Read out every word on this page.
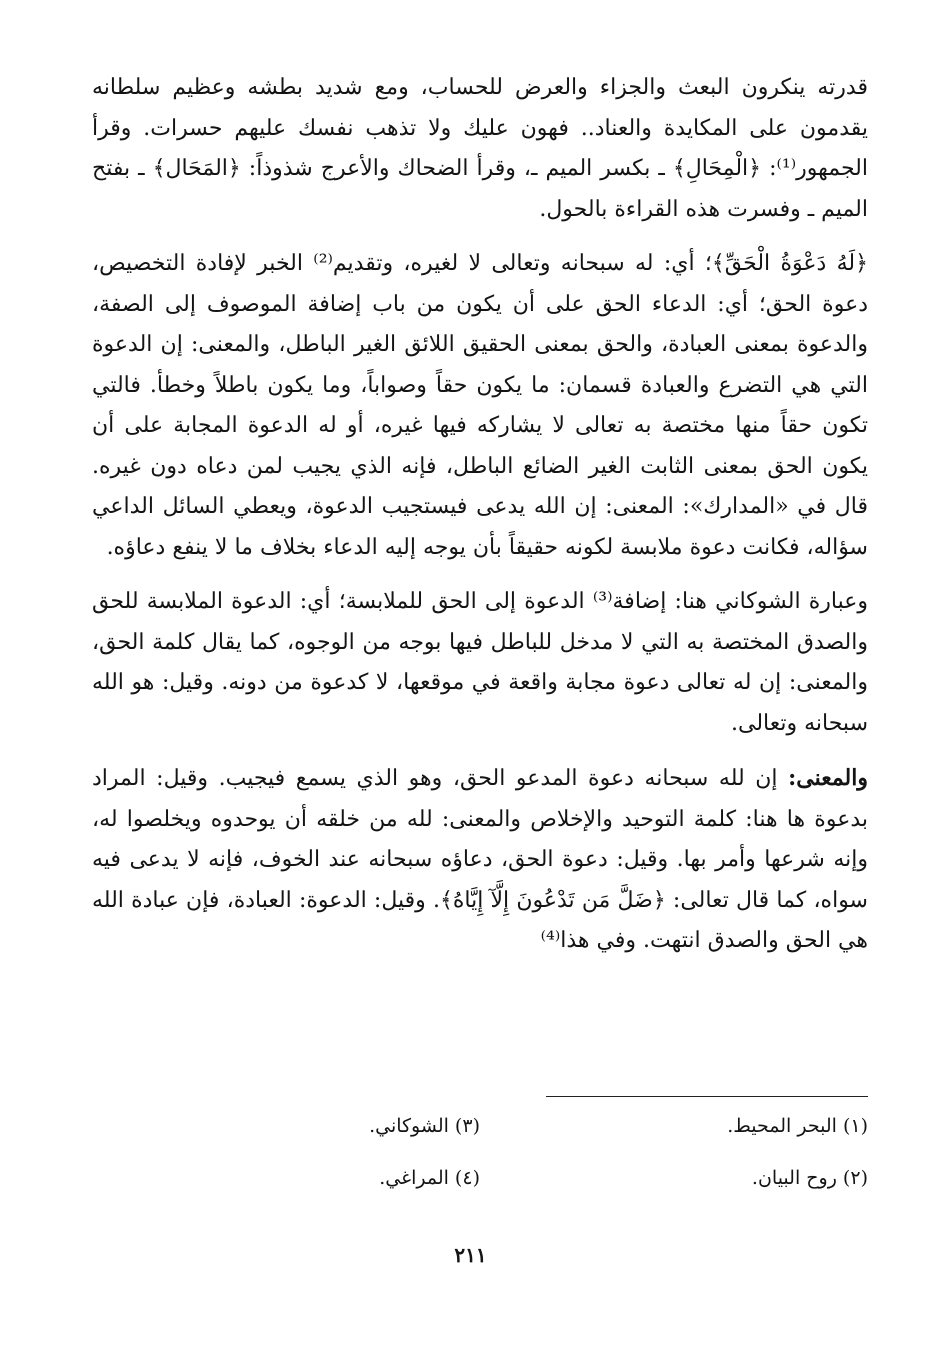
قدرته ينكرون البعث والجزاء والعرض للحساب، ومع شديد بطشه وعظيم سلطانه يقدمون على المكايدة والعناد.. فهون عليك ولا تذهب نفسك عليهم حسرات. وقرأ الجمهور⁽¹⁾: ﴿الْمِحَالِ﴾ ـ بكسر الميم ـ، وقرأ الضحاك والأعرج شذوذاً: ﴿المَحَال﴾ ـ بفتح الميم ـ وفسرت هذه القراءة بالحول.

﴿لَهُ دَعْوَةُ الْحَقِّ﴾؛ أي: له سبحانه وتعالى لا لغيره، وتقديم⁽²⁾ الخبر لإفادة التخصيص، دعوة الحق؛ أي: الدعاء الحق على أن يكون من باب إضافة الموصوف إلى الصفة، والدعوة بمعنى العبادة، والحق بمعنى الحقيق اللائق الغير الباطل، والمعنى: إن الدعوة التي هي التضرع والعبادة قسمان: ما يكون حقاً وصواباً، وما يكون باطلاً وخطأ. فالتي تكون حقاً منها مختصة به تعالى لا يشاركه فيها غيره، أو له الدعوة المجابة على أن يكون الحق بمعنى الثابت الغير الضائع الباطل، فإنه الذي يجيب لمن دعاه دون غيره. قال في «المدارك»: المعنى: إن الله يدعى فيستجيب الدعوة، ويعطي السائل الداعي سؤاله، فكانت دعوة ملابسة لكونه حقيقاً بأن يوجه إليه الدعاء بخلاف ما لا ينفع دعاؤه.

وعبارة الشوكاني هنا: إضافة⁽³⁾ الدعوة إلى الحق للملابسة؛ أي: الدعوة الملابسة للحق والصدق المختصة به التي لا مدخل للباطل فيها بوجه من الوجوه، كما يقال كلمة الحق، والمعنى: إن له تعالى دعوة مجابة واقعة في موقعها، لا كدعوة من دونه. وقيل: هو الله سبحانه وتعالى.

والمعنى: إن لله سبحانه دعوة المدعو الحق، وهو الذي يسمع فيجيب. وقيل: المراد بدعوة ها هنا: كلمة التوحيد والإخلاص والمعنى: لله من خلقه أن يوحدوه ويخلصوا له، وإنه شرعها وأمر بها. وقيل: دعوة الحق، دعاؤه سبحانه عند الخوف، فإنه لا يدعى فيه سواه، كما قال تعالى: ﴿ضَلَّ مَن تَدْعُونَ إِلَّآ إِيَّاهُ﴾. وقيل: الدعوة: العبادة، فإن عبادة الله هي الحق والصدق انتهت. وفي هذا⁽⁴⁾

(١) البحر المحيط.
(٣) الشوكاني.
(٢) روح البيان.
(٤) المراغي.
٢١١
